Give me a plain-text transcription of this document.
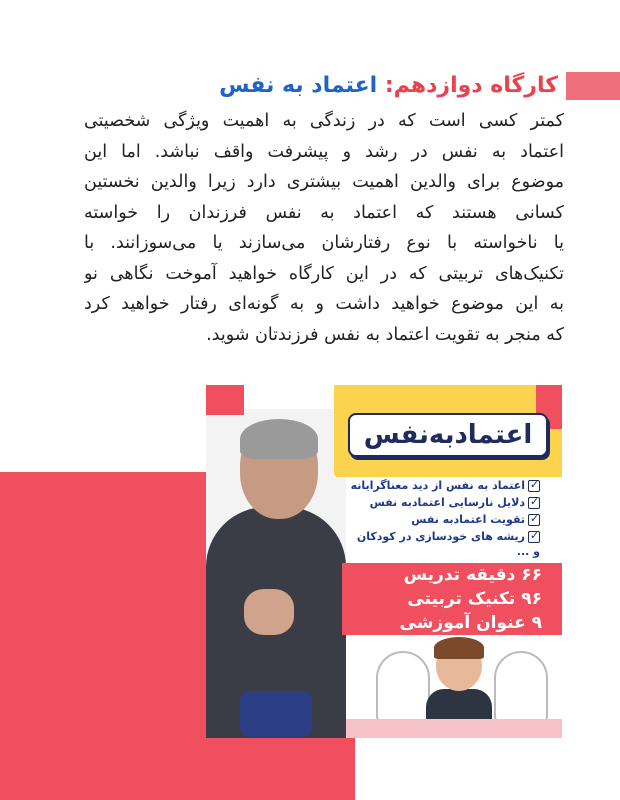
کارگاه دوازدهم: اعتماد به نفس
کمتر کسی است که در زندگی به اهمیت ویژگی شخصیتی
اعتماد به نفس در رشد و پیشرفت واقف نباشد. اما این
موضوع برای والدین اهمیت بیشتری دارد زیرا والدین نخستین
کسانی هستند که اعتماد به نفس فرزندان را خواسته
یا ناخواسته با نوع رفتارشان می‌سازند یا می‌سوزانند. با
تکنیک‌های تربیتی که در این کارگاه خواهید آموخت نگاهی نو
به این موضوع خواهید داشت و به گونه‌ای رفتار خواهید کرد
که منجر به تقویت اعتماد به نفس فرزندتان شوید.
اعتمادبه‌نفس
✓اعتماد به نفس از دید معناگرایانه
✓دلایل نارسایی اعتمادبه نفس
✓تقویت اعتمادبه نفس
✓ریشه های خودسازی در کودکان
و ...
۶۶ دقیقه تدریس
۹۶ تکنیک تربیتی
۹ عنوان آموزشی
